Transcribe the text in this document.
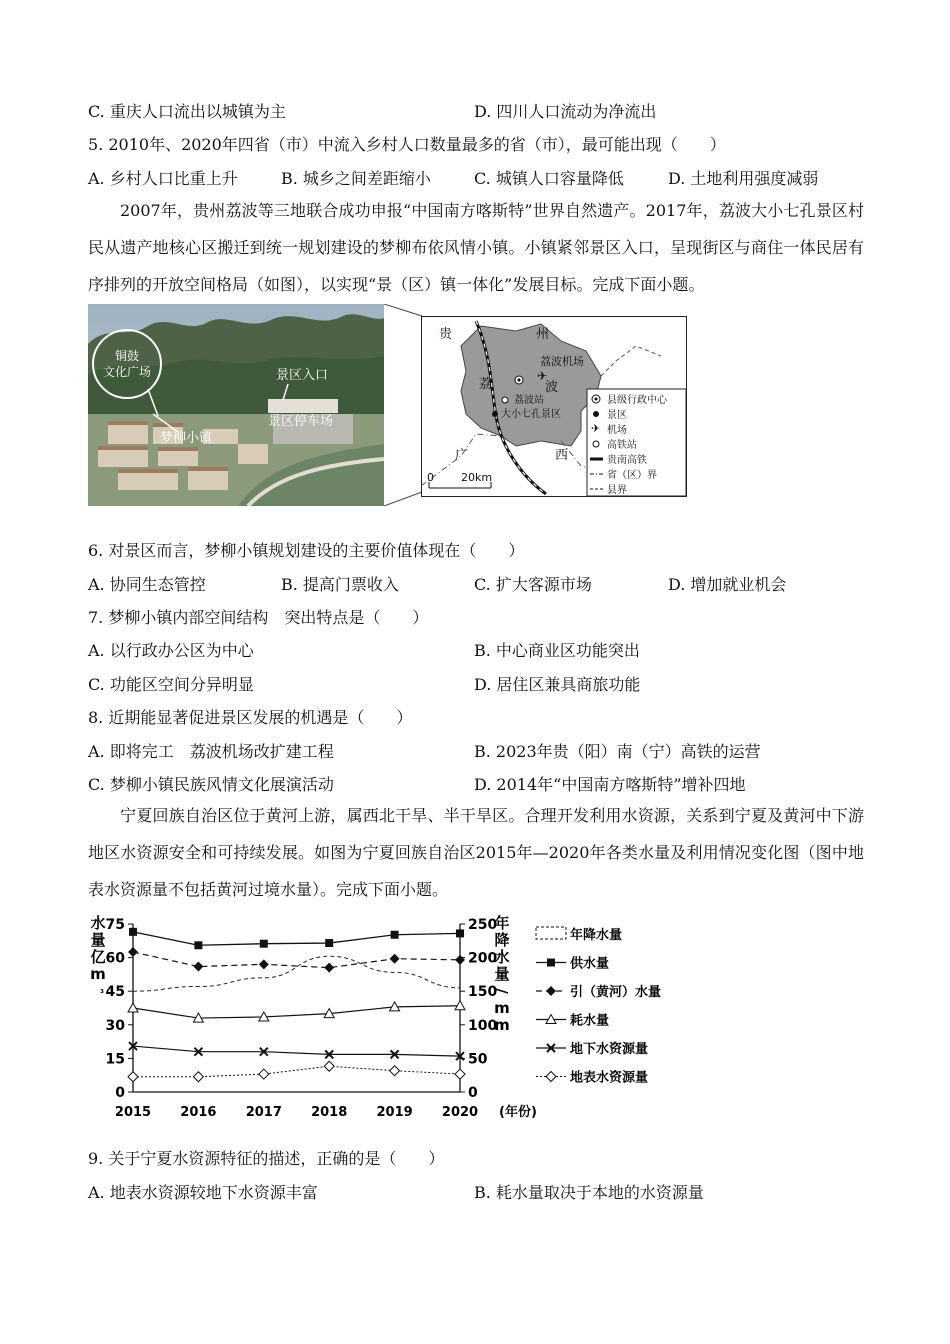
C. 重庆人口流出以城镇为主	D. 四川人口流动为净流出
5. 2010年、2020年四省（市）中流入乡村人口数量最多的省（市），最可能出现（　　）
A. 乡村人口比重上升	B. 城乡之间差距缩小	C. 城镇人口容量降低	D. 土地利用强度减弱
2007年，贵州荔波等三地联合成功申报“中国南方喀斯特”世界自然遗产。2017年，荔波大小七孔景区村民从遗产地核心区搬迁到统一规划建设的梦柳布依风情小镇。小镇紧邻景区入口，呈现街区与商住一体民居有序排列的开放空间格局（如图），以实现“景（区）镇一体化”发展目标。完成下面小题。
铜鼓
文化广场	景区入口
景区停车场
梦柳小镇
✈
贵	州
荔	波
广	西
荔波机场
荔波站
大小七孔景区
0 20km
✈
县级行政中心
景区
机场
高铁站
贵南高铁
省（区）界
县界
6. 对景区而言，梦柳小镇规划建设的主要价值体现在（　　）
A. 协同生态管控	B. 提高门票收入	C. 扩大客源市场	D. 增加就业机会
7. 梦柳小镇内部空间结构　突出特点是（　　）
A. 以行政办公区为中心	B. 中心商业区功能突出
C. 功能区空间分异明显	D. 居住区兼具商旅功能
8. 近期能显著促进景区发展的机遇是（　　）
A. 即将完工　荔波机场改扩建工程	B. 2023年贵（阳）南（宁）高铁的运营
C. 梦柳小镇民族风情文化展演活动	D. 2014年“中国南方喀斯特”增补四地
宁夏回族自治区位于黄河上游，属西北干旱、半干旱区。合理开发利用水资源，关系到宁夏及黄河中下游地区水资源安全和可持续发展。如图为宁夏回族自治区2015年—2020年各类水量及利用情况变化图（图中地表水资源量不包括黄河过境水量）。完成下面小题。
0
15
30
45
60
75
0
50
100
150
200
250
2015 2016 2017 2018 2019 2020 (年份)
水
量
亿
m
³
年
降
水
量
/
m
m
年降水量
供水量
引（黄河）水量
耗水量
地下水资源量
地表水资源量
9. 关于宁夏水资源特征的描述，正确的是（　　）
A. 地表水资源较地下水资源丰富	B. 耗水量取决于本地的水资源量
